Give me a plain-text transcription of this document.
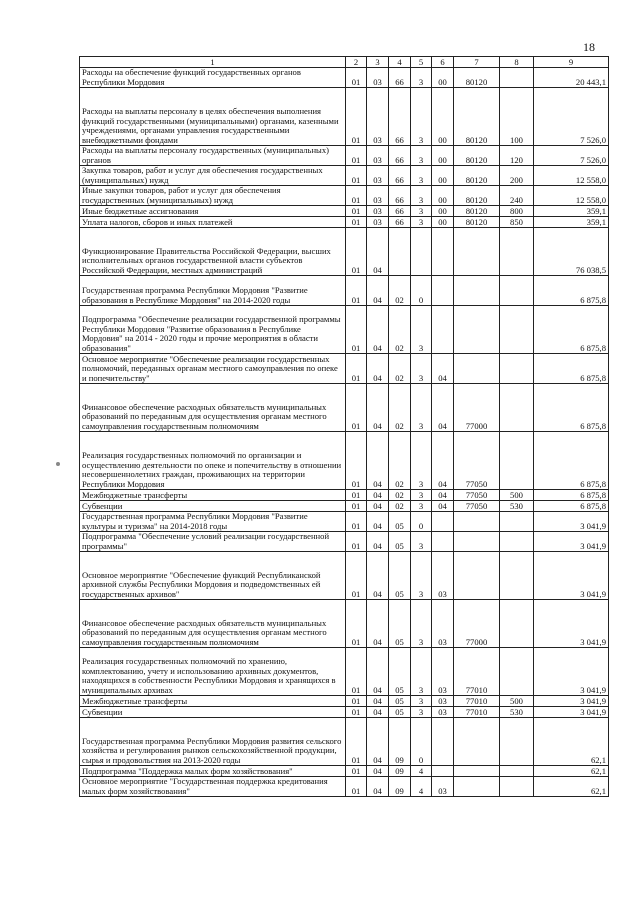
18
1	2	3	4	5	6	7	8	9
Расходы на обеспечение функций государственных органов Республики Мордовия	01	03	66	3	00	80120		20 443,1
Расходы на выплаты персоналу в целях обеспечения выполнения функций государственными (муниципальными) органами, казенными учреждениями, органами управления государственными внебюджетными фондами	01	03	66	3	00	80120	100	7 526,0
Расходы на выплаты персоналу государственных (муниципальных) органов	01	03	66	3	00	80120	120	7 526,0
Закупка товаров, работ и услуг для обеспечения государственных (муниципальных) нужд	01	03	66	3	00	80120	200	12 558,0
Иные закупки товаров, работ и услуг для обеспечения государственных (муниципальных) нужд	01	03	66	3	00	80120	240	12 558,0
Иные бюджетные ассигнования	01	03	66	3	00	80120	800	359,1
Уплата налогов, сборов и иных платежей	01	03	66	3	00	80120	850	359,1
Функционирование Правительства Российской Федерации, высших исполнительных органов государственной власти субъектов Российской Федерации, местных администраций	01	04						76 038,5
Государственная программа Республики Мордовия "Развитие образования в Республике Мордовия" на 2014-2020 годы	01	04	02	0				6 875,8
Подпрограмма "Обеспечение реализации государственной программы Республики Мордовия "Развитие образования в Республике Мордовия" на 2014 - 2020 годы и прочие мероприятия в области образования"	01	04	02	3				6 875,8
Основное мероприятие "Обеспечение реализации государственных полномочий, переданных органам местного самоуправления по опеке и попечительству"	01	04	02	3	04			6 875,8
Финансовое обеспечение расходных обязательств муниципальных образований по переданным для осуществления органам местного самоуправления государственным полномочиям	01	04	02	3	04	77000		6 875,8
Реализация государственных полномочий по организации и осуществлению деятельности по опеке и попечительству в отношении несовершеннолетних граждан, проживающих на территории Республики Мордовия	01	04	02	3	04	77050		6 875,8
Межбюджетные трансферты	01	04	02	3	04	77050	500	6 875,8
Субвенции	01	04	02	3	04	77050	530	6 875,8
Государственная программа Республики Мордовия "Развитие культуры и туризма" на 2014-2018 годы	01	04	05	0				3 041,9
Подпрограмма "Обеспечение условий реализации государственной программы"	01	04	05	3				3 041,9
Основное мероприятие "Обеспечение функций Республиканской архивной службы Республики Мордовия и подведомственных ей государственных архивов"	01	04	05	3	03			3 041,9
Финансовое обеспечение расходных обязательств муниципальных образований по переданным для осуществления органам местного самоуправления государственным полномочиям	01	04	05	3	03	77000		3 041,9
Реализация государственных полномочий по хранению, комплектованию, учету и использованию архивных документов, находящихся в собственности Республики Мордовия и хранящихся в муниципальных архивах	01	04	05	3	03	77010		3 041,9
Межбюджетные трансферты	01	04	05	3	03	77010	500	3 041,9
Субвенции	01	04	05	3	03	77010	530	3 041,9
Государственная программа Республики Мордовия развития сельского хозяйства и регулирования рынков сельскохозяйственной продукции, сырья и продовольствия на 2013-2020 годы	01	04	09	0				62,1
Подпрограмма "Поддержка малых форм хозяйствования"	01	04	09	4				62,1
Основное мероприятие "Государственная поддержка кредитования малых форм хозяйствования"	01	04	09	4	03			62,1
